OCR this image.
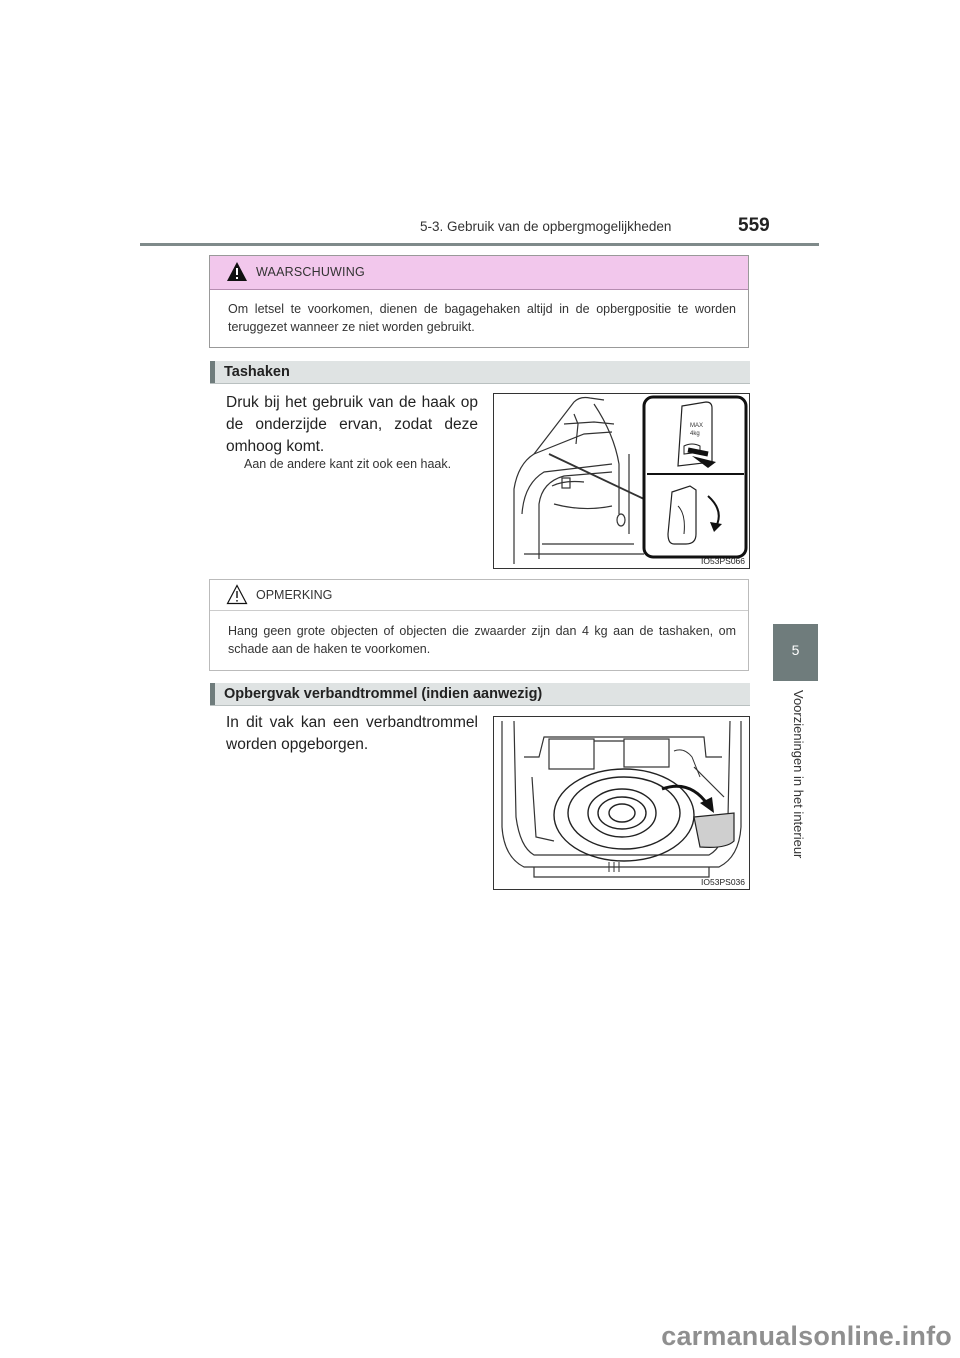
5-3. Gebruik van de opbergmogelijkheden	559
5
Voorzieningen in het interieur
WAARSCHUWING
Om letsel te voorkomen, dienen de bagagehaken altijd in de opbergpositie te worden teruggezet wanneer ze niet worden gebruikt.
Tashaken
Druk bij het gebruik van de haak op de onderzijde ervan, zodat deze omhoog komt.
Aan de andere kant zit ook een haak.
MAX
4kg
IO53PS066
OPMERKING
Hang geen grote objecten of objecten die zwaarder zijn dan 4 kg aan de tashaken, om schade aan de haken te voorkomen.
Opbergvak verbandtrommel (indien aanwezig)
In dit vak kan een verbandtrommel worden opgeborgen.
IO53PS036
carmanualsonline.info
